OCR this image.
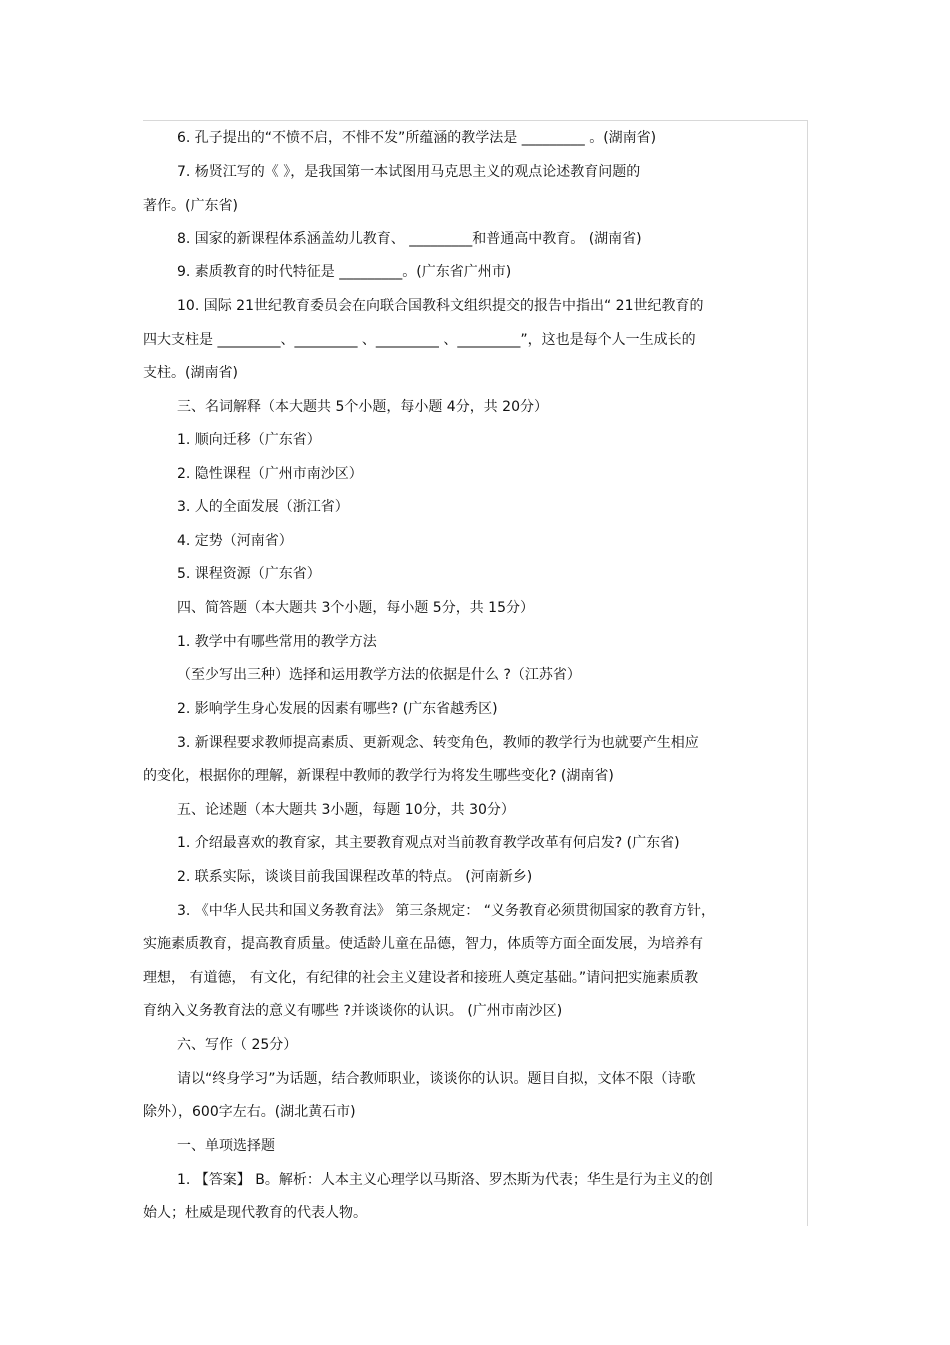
6. 孔子提出的“不愤不启，不悱不发”所蕴涵的教学法是 _________ 。(湖南省)
7. 杨贤江写的《 》，是我国第一本试图用马克思主义的观点论述教育问题的
著作。(广东省)
8. 国家的新课程体系涵盖幼儿教育、 _________和普通高中教育。 (湖南省)
9. 素质教育的时代特征是 _________。(广东省广州市)
10. 国际 21世纪教育委员会在向联合国教科文组织提交的报告中指出“ 21世纪教育的
四大支柱是 _________、_________ 、_________ 、_________”，这也是每个人一生成长的
支柱。(湖南省)
三、名词解释（本大题共 5个小题，每小题 4分，共 20分）
1. 顺向迁移（广东省）
2. 隐性课程（广州市南沙区）
3. 人的全面发展（浙江省）
4. 定势（河南省）
5. 课程资源（广东省）
四、简答题（本大题共 3个小题，每小题 5分，共 15分）
1. 教学中有哪些常用的教学方法
（至少写出三种）选择和运用教学方法的依据是什么 ?（江苏省）
2. 影响学生身心发展的因素有哪些? (广东省越秀区)
3. 新课程要求教师提高素质、更新观念、转变角色，教师的教学行为也就要产生相应
的变化，根据你的理解，新课程中教师的教学行为将发生哪些变化? (湖南省)
五、论述题（本大题共 3小题，每题 10分，共 30分）
1. 介绍最喜欢的教育家，其主要教育观点对当前教育教学改革有何启发? (广东省)
2. 联系实际，谈谈目前我国课程改革的特点。 (河南新乡)
3. 《中华人民共和国义务教育法》 第三条规定： “义务教育必须贯彻国家的教育方针，
实施素质教育，提高教育质量。使适龄儿童在品德，智力，体质等方面全面发展，为培养有
理想， 有道德， 有文化，有纪律的社会主义建设者和接班人奠定基础。”请问把实施素质教
育纳入义务教育法的意义有哪些 ?并谈谈你的认识。 (广州市南沙区)
六、写作（ 25分）
请以“终身学习”为话题，结合教师职业，谈谈你的认识。题目自拟，文体不限（诗歌
除外），600字左右。(湖北黄石市)
一、单项选择题
1. 【答案】 B。解析：人本主义心理学以马斯洛、罗杰斯为代表；华生是行为主义的创
始人；杜威是现代教育的代表人物。
